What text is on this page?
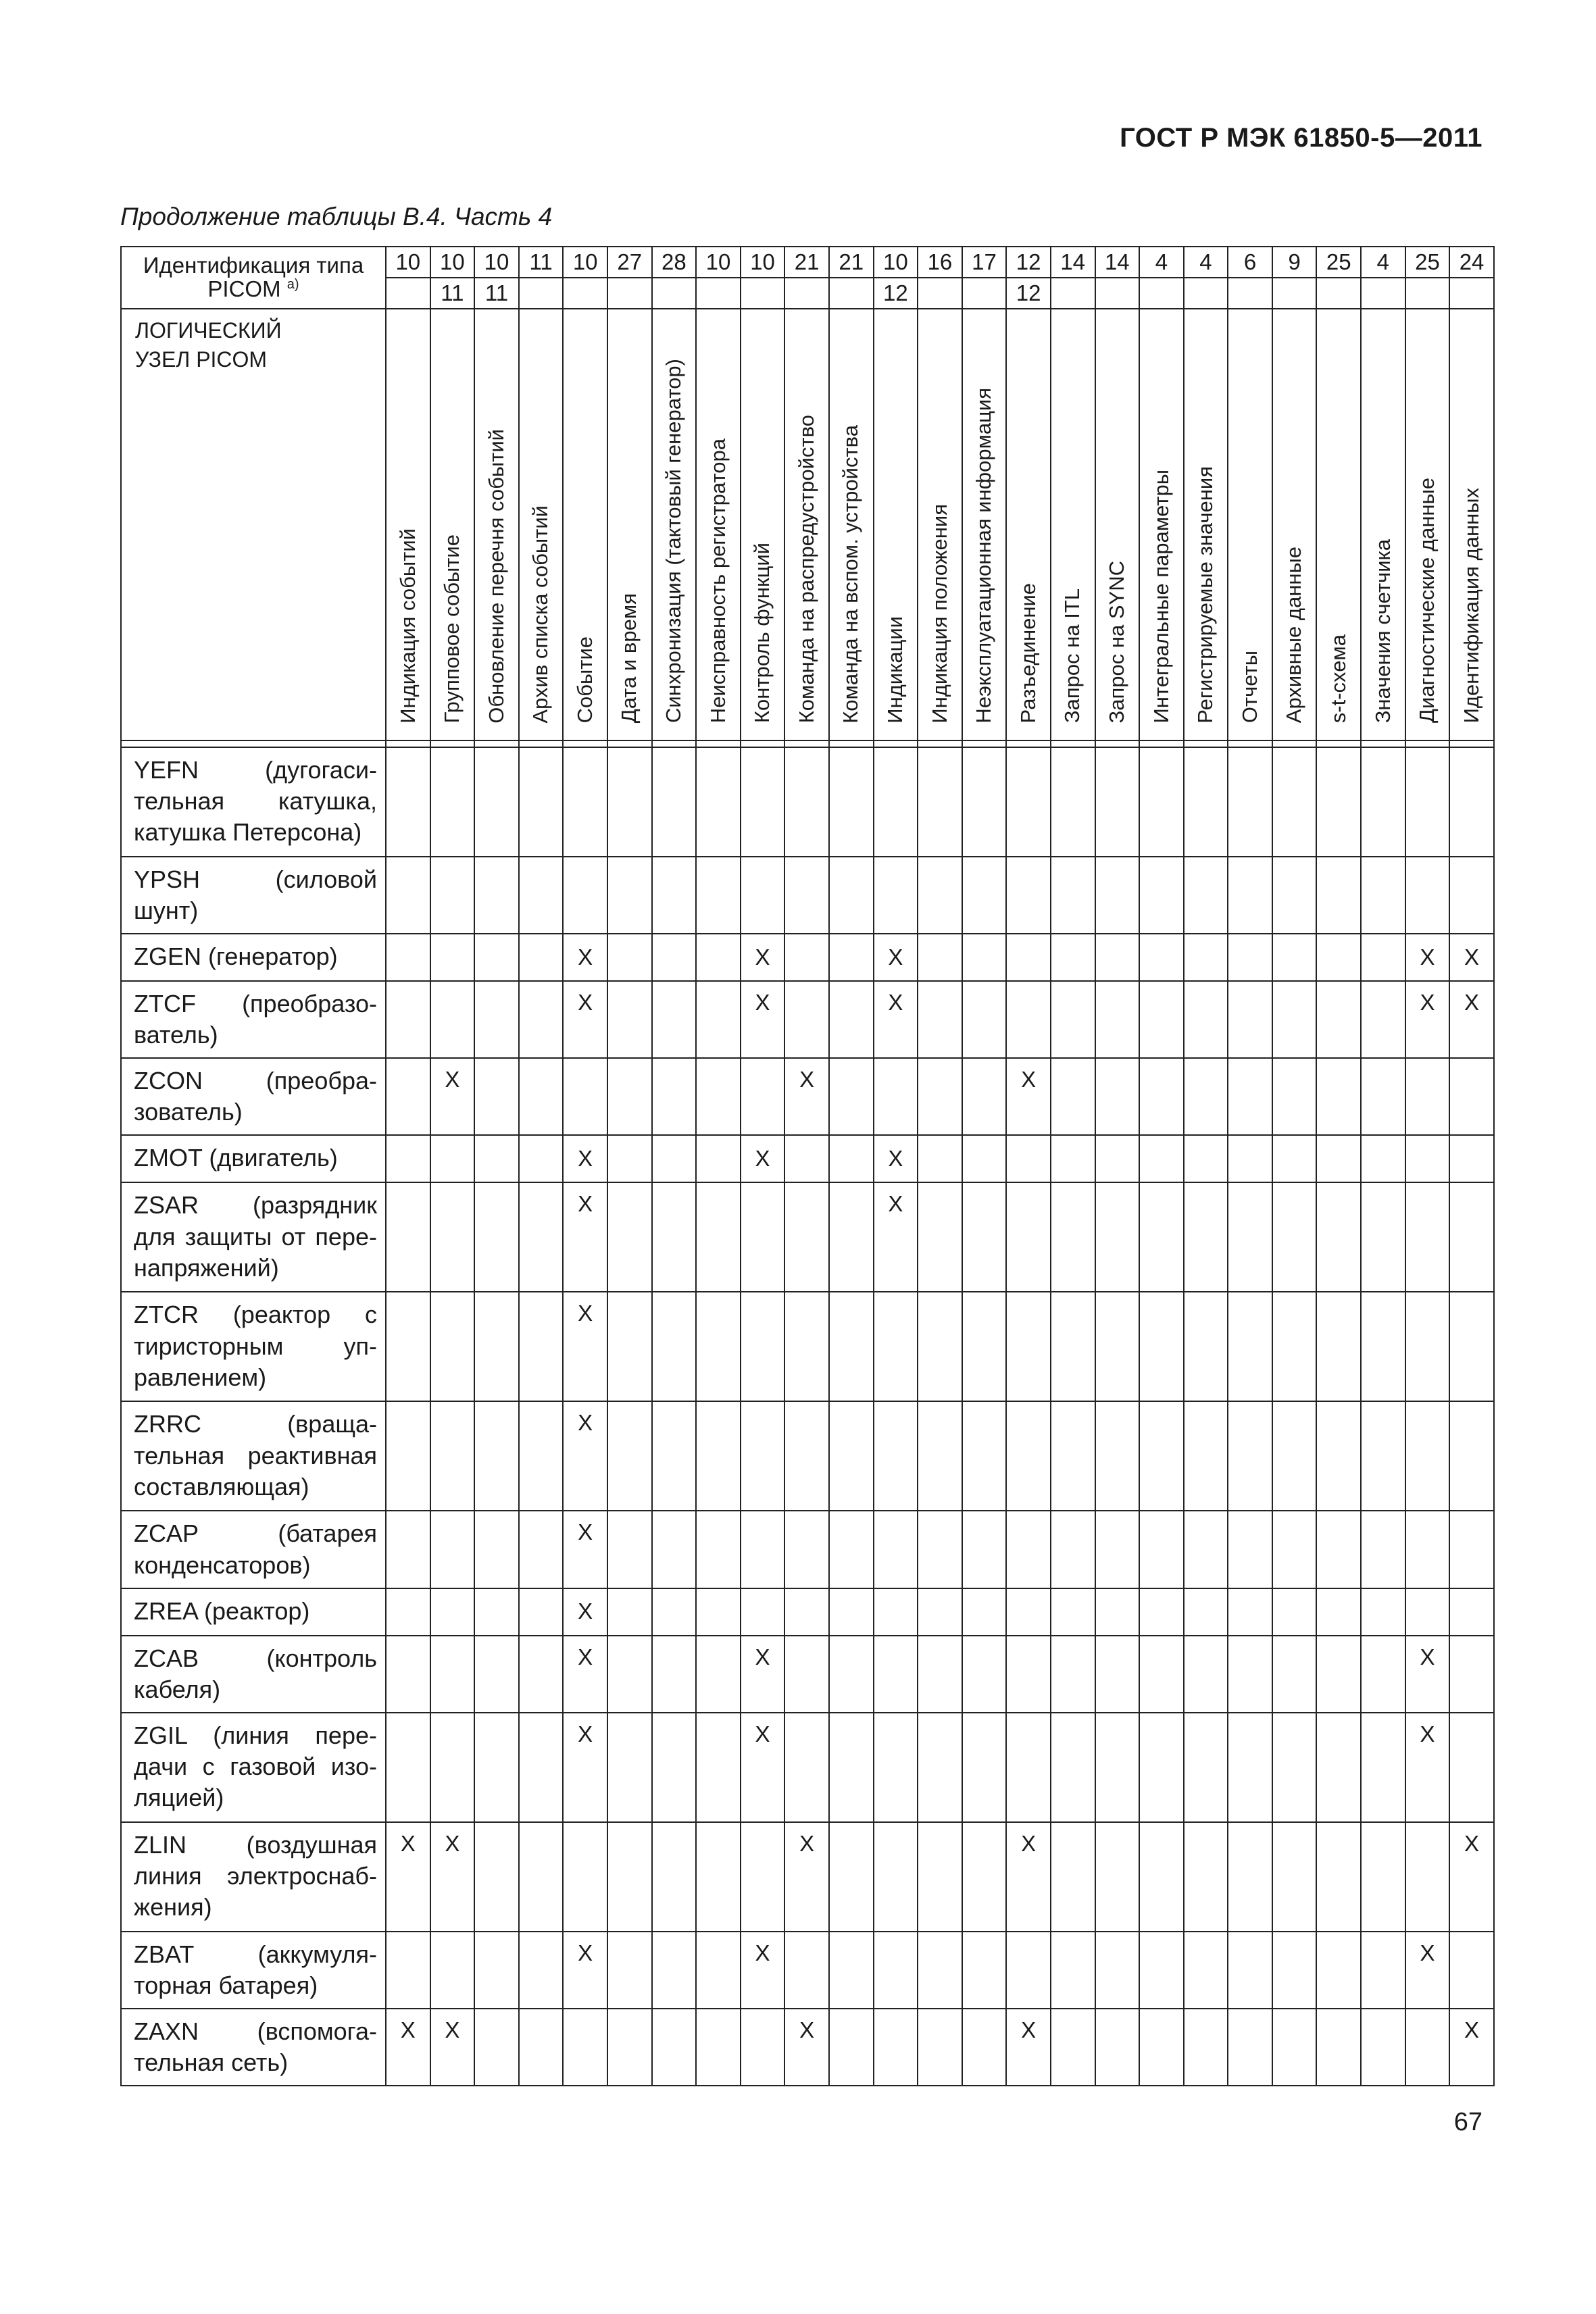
ГОСТ Р МЭК 61850-5—2011
Продолжение таблицы В.4. Часть 4
Идентификация типа PICOM $^{а)}$	10	10	10	11	10	27	28	10	10	21	21	10	16	17	12	14	14	4	4	6	9	25	4	25	24
		11	11									12			12										
ЛОГИЧЕСКИЙ УЗЕЛ PICOM	Индикация событий	Групповое событие	Обновление перечня событий	Архив списка событий	Событие	Дата и время	Синхронизация (тактовый генератор)	Неисправность регистратора	Контроль функций	Команда на распредустройство	Команда на вспом. устройства	Индикации	Индикация положения	Неэксплуатационная информация	Разъединение	Запрос на ITL	Запрос на SYNC	Интегральные параметры	Регистрируемые значения	Отчеты	Архивные данные	s-t-схема	Значения счетчика	Диагностические данные	Идентификация данных

YEFN (дугогасительная катушка, катушка Петерсона)																									
YPSH (силовой шунт)																									
ZGEN (генератор)					X				X			X												X	X
ZTCF (преобразователь)					X				X			X												X	X
ZCON (преобразователь)		X								X					X										
ZMOT (двигатель)					X				X			X													
ZSAR (разрядник для защиты от перенапряжений)					X							X													
ZTCR (реактор с тиристорным управлением)					X																				
ZRRC (вращательная реактивная составляющая)					X																				
ZCAP (батарея конденсаторов)					X																				
ZREA (реактор)					X																				
ZCAB (контроль кабеля)					X				X															X	
ZGIL (линия передачи с газовой изоляцией)					X				X															X	
ZLIN (воздушная линия электроснабжения)	X	X								X					X										X
ZBAT (аккумуляторная батарея)					X				X															X	
ZAXN (вспомогательная сеть)	X	X								X					X										X
67
